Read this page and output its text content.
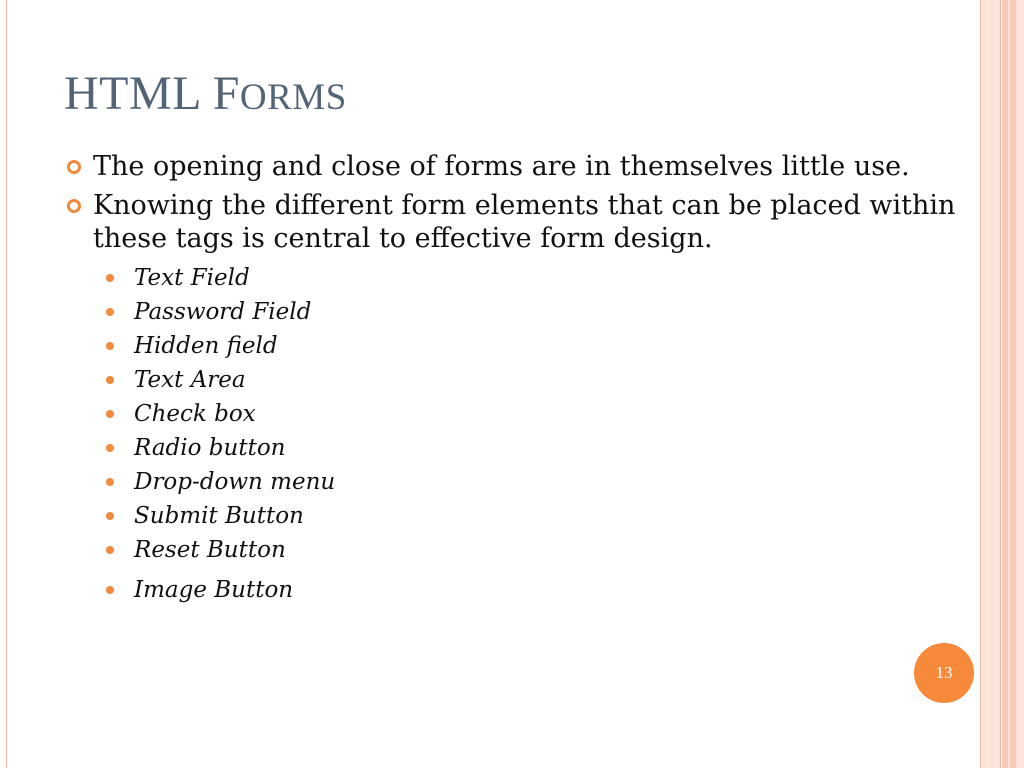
HTML FORMS
The opening and close of forms are in themselves little use.
Knowing the different form elements that can be placed within these tags is central to effective form design.
Text Field
Password Field
Hidden field
Text Area
Check box
Radio button
Drop-down menu
Submit Button
Reset Button
Image Button
13
